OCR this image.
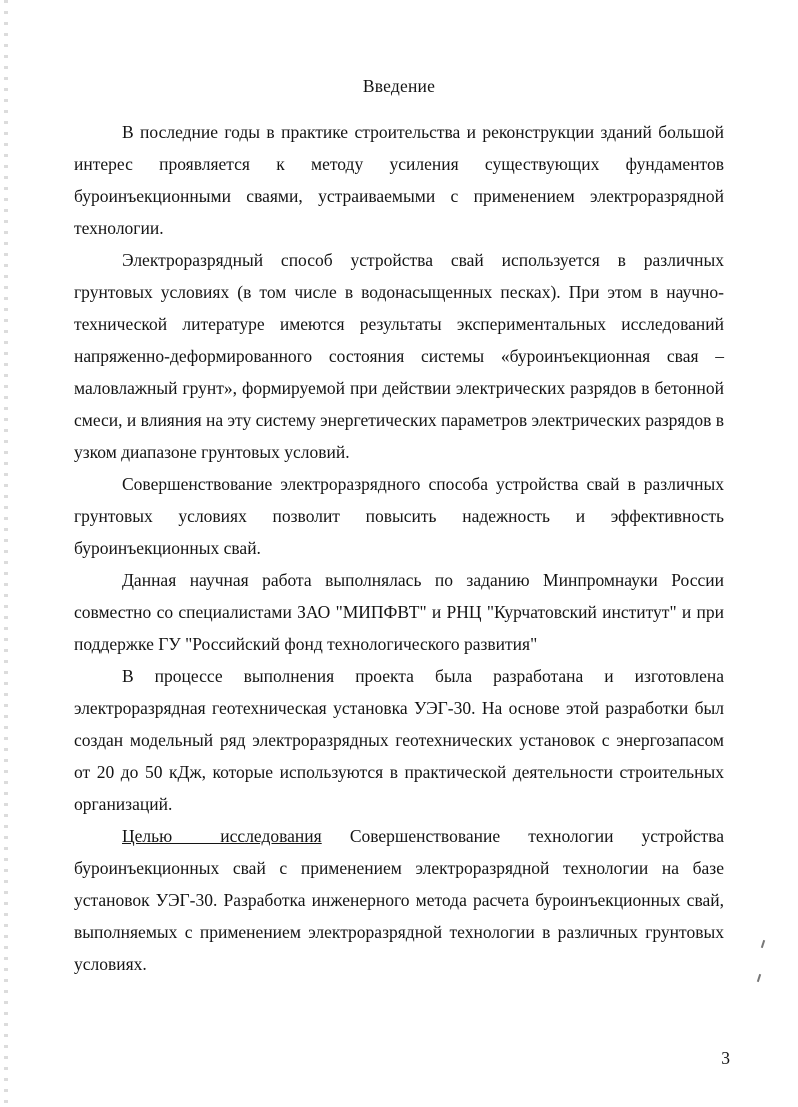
Введение

В последние годы в практике строительства и реконструкции зданий большой интерес проявляется к методу усиления существующих фундаментов буроинъекционными сваями, устраиваемыми с применением электроразрядной технологии.

Электроразрядный способ устройства свай используется в различных грунтовых условиях (в том числе в водонасыщенных песках). При этом в научно-технической литературе имеются результаты экспериментальных исследований напряженно-деформированного состояния системы «буроинъекционная свая – маловлажный грунт», формируемой при действии электрических разрядов в бетонной смеси, и влияния на эту систему энергетических параметров электрических разрядов в узком диапазоне грунтовых условий.

Совершенствование электроразрядного способа устройства свай в различных грунтовых условиях позволит повысить надежность и эффективность буроинъекционных свай.

Данная научная работа выполнялась по заданию Минпромнауки России совместно со специалистами ЗАО "МИПФВТ" и РНЦ "Курчатовский институт" и при поддержке ГУ "Российский фонд технологического развития"

В процессе выполнения проекта была разработана и изготовлена электроразрядная геотехническая установка УЭГ-30. На основе этой разработки был создан модельный ряд электроразрядных геотехнических установок с энергозапасом от 20 до 50 кДж, которые используются в практической деятельности строительных организаций.

Целью исследования Совершенствование технологии устройства буроинъекционных свай с применением электроразрядной технологии на базе установок УЭГ-30. Разработка инженерного метода расчета буроинъекционных свай, выполняемых с применением электроразрядной технологии в различных грунтовых условиях.

3
